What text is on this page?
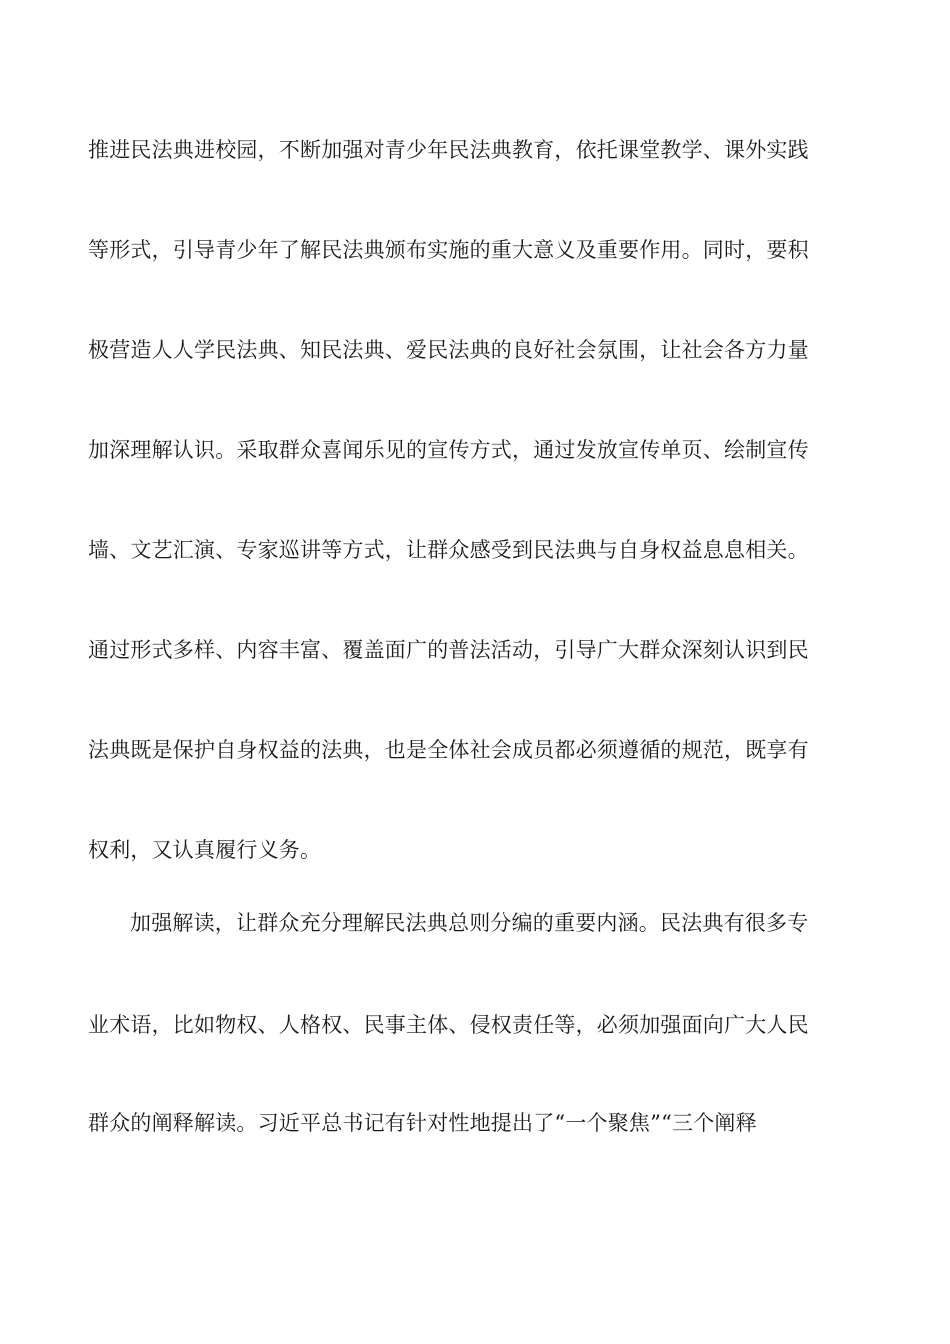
推进民法典进校园，不断加强对青少年民法典教育，依托课堂教学、课外实践
等形式，引导青少年了解民法典颁布实施的重大意义及重要作用。同时，要积
极营造人人学民法典、知民法典、爱民法典的良好社会氛围，让社会各方力量
加深理解认识。采取群众喜闻乐见的宣传方式，通过发放宣传单页、绘制宣传
墙、文艺汇演、专家巡讲等方式，让群众感受到民法典与自身权益息息相关。
通过形式多样、内容丰富、覆盖面广的普法活动，引导广大群众深刻认识到民
法典既是保护自身权益的法典，也是全体社会成员都必须遵循的规范，既享有
权利，又认真履行义务。
加强解读，让群众充分理解民法典总则分编的重要内涵。民法典有很多专
业术语，比如物权、人格权、民事主体、侵权责任等，必须加强面向广大人民
群众的阐释解读。习近平总书记有针对性地提出了“一个聚焦”“三个阐释
